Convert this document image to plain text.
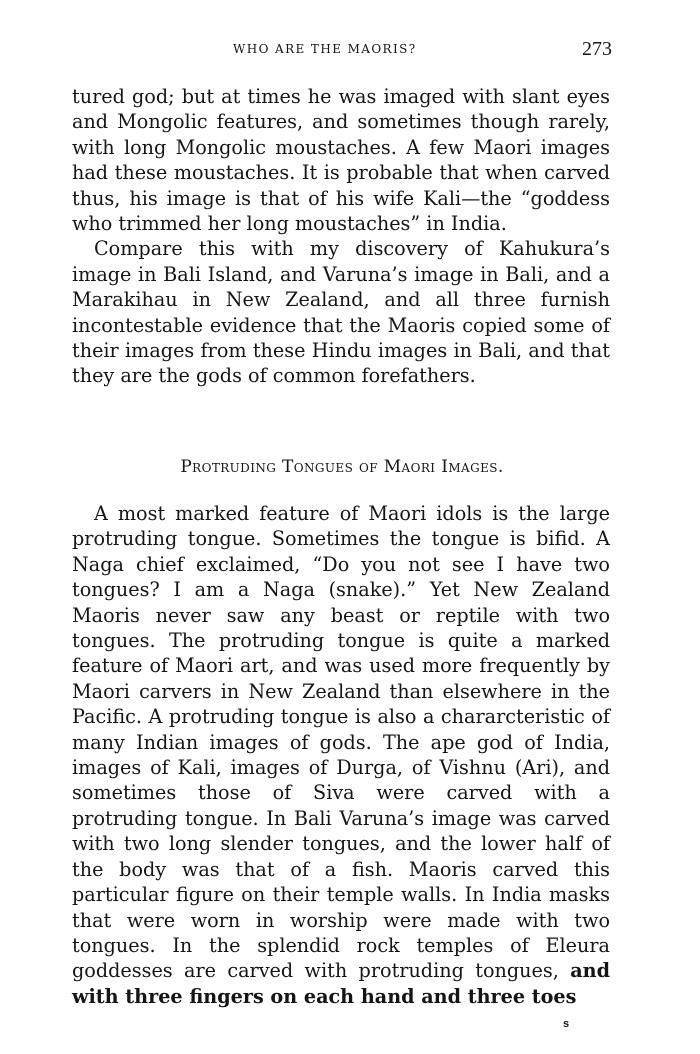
WHO ARE THE MAORIS?	273

tured god; but at times he was imaged with slant eyes and Mongolic features, and sometimes though rarely, with long Mongolic moustaches. A few Maori images had these moustaches. It is probable that when carved thus, his image is that of his wife Kali—the “goddess who trimmed her long moustaches” in India.

Compare this with my discovery of Kahukura’s image in Bali Island, and Varuna’s image in Bali, and a Marakihau in New Zealand, and all three furnish incontestable evidence that the Maoris copied some of their images from these Hindu images in Bali, and that they are the gods of common forefathers.

Protruding Tongues of Maori Images.

A most marked feature of Maori idols is the large protruding tongue. Sometimes the tongue is bifid. A Naga chief exclaimed, “Do you not see I have two tongues? I am a Naga (snake).” Yet New Zealand Maoris never saw any beast or reptile with two tongues. The protruding tongue is quite a marked feature of Maori art, and was used more frequently by Maori carvers in New Zealand than elsewhere in the Pacific. A protruding tongue is also a chararcteristic of many Indian images of gods. The ape god of India, images of Kali, images of Durga, of Vishnu (Ari), and sometimes those of Siva were carved with a protruding tongue. In Bali Varuna’s image was carved with two long slender tongues, and the lower half of the body was that of a fish. Maoris carved this particular figure on their temple walls. In India masks that were worn in worship were made with two tongues. In the splendid rock temples of Eleura goddesses are carved with protruding tongues, and with three fingers on each hand and three toes

s
